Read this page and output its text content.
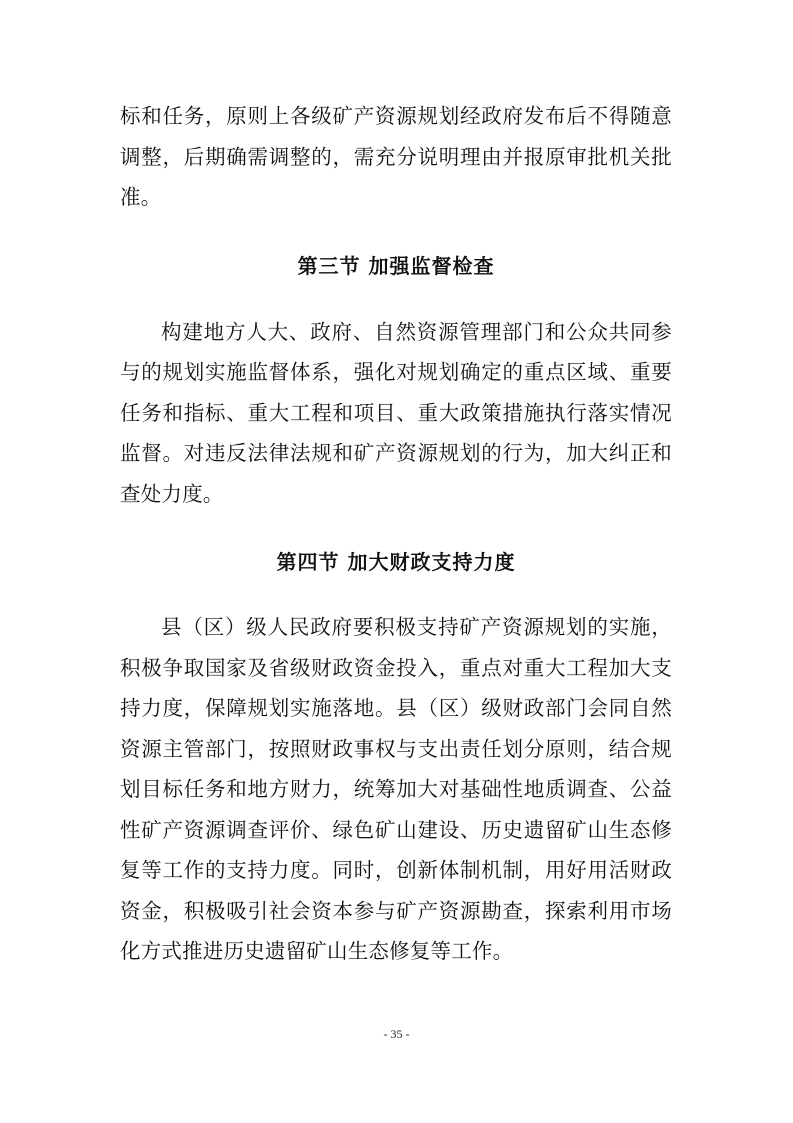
标和任务，原则上各级矿产资源规划经政府发布后不得随意调整，后期确需调整的，需充分说明理由并报原审批机关批准。

第三节 加强监督检查

构建地方人大、政府、自然资源管理部门和公众共同参与的规划实施监督体系，强化对规划确定的重点区域、重要任务和指标、重大工程和项目、重大政策措施执行落实情况监督。对违反法律法规和矿产资源规划的行为，加大纠正和查处力度。

第四节 加大财政支持力度

县（区）级人民政府要积极支持矿产资源规划的实施，积极争取国家及省级财政资金投入，重点对重大工程加大支持力度，保障规划实施落地。县（区）级财政部门会同自然资源主管部门，按照财政事权与支出责任划分原则，结合规划目标任务和地方财力，统筹加大对基础性地质调查、公益性矿产资源调查评价、绿色矿山建设、历史遗留矿山生态修复等工作的支持力度。同时，创新体制机制，用好用活财政资金，积极吸引社会资本参与矿产资源勘查，探索利用市场化方式推进历史遗留矿山生态修复等工作。

- 35 -
